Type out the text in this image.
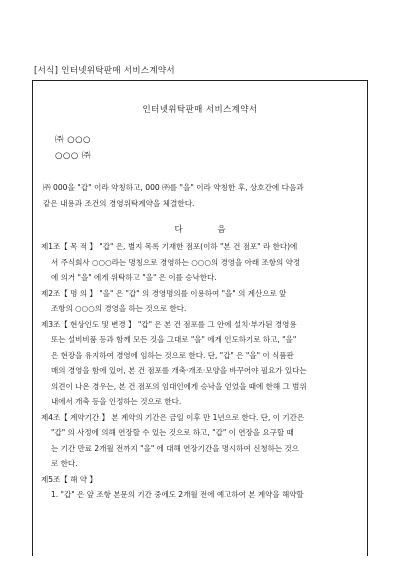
[서식] 인터넷위탁판매 서비스계약서
인터넷위탁판매 서비스계약서
㈜ ○○○
○○○ ㈜
㈜ 000을 "갑" 이라 약칭하고, 000 ㈜를 "을" 이라 약칭한 후, 상호간에 다음과
같은 내용과 조건의 경영위탁계약을 체결한다.
다 음
제1조【 목 적 】 "갑" 은, 별지 목록 기재한 점포(이하 "본 건 점포" 라 한다)에
서 주식회사 ○○○라는 명칭으로 경영하는 ○○○의 경영을 아래 조항의 약정
에 의거 "을" 에게 위탁하고 "을" 은 이를 승낙한다.
제2조【 명 의 】 "을" 은 "갑" 의 경영명의를 이용하여 "을" 의 계산으로 앞
조항의 ○○○의 경영을 하는 것으로 한다.
제3조【 현상인도 및 변경 】 "갑" 은 본 건 점포를 그 안에 설치·부가된 경영용
또는 설비비품 등과 함께 모든 것을 그대로 "을" 에게 인도하기로 하고, "을"
은 현장을 유지하여 경영에 임하는 것으로 한다. 단, "갑" 은 "을" 이 식품판
매의 경영을 함에 있어, 본 건 점포를 개축·개조·모양을 바꾸어야 필요가 있다는
의견이 나온 경우는, 본 건 점포의 임대인에게 승낙을 얻었을 때에 한해 그 범위
내에서 개축 등을 인정하는 것으로 한다.
제4조【 계약기간 】 본 계약의 기간은 금일 이후 만 1년으로 한다. 단, 이 기간은
"갑" 의 사정에 의해 연장할 수 있는 것으로 하고, "갑" 이 연장을 요구할 때
는 기간 만료 2개월 전까지 "을" 에 대해 연장기간을 명시하여 신청하는 것으
로 한다.
제5조【 해 약 】
1. "갑" 은 앞 조항 본문의 기간 중에도 2개월 전에 예고하여 본 계약을 해약할
